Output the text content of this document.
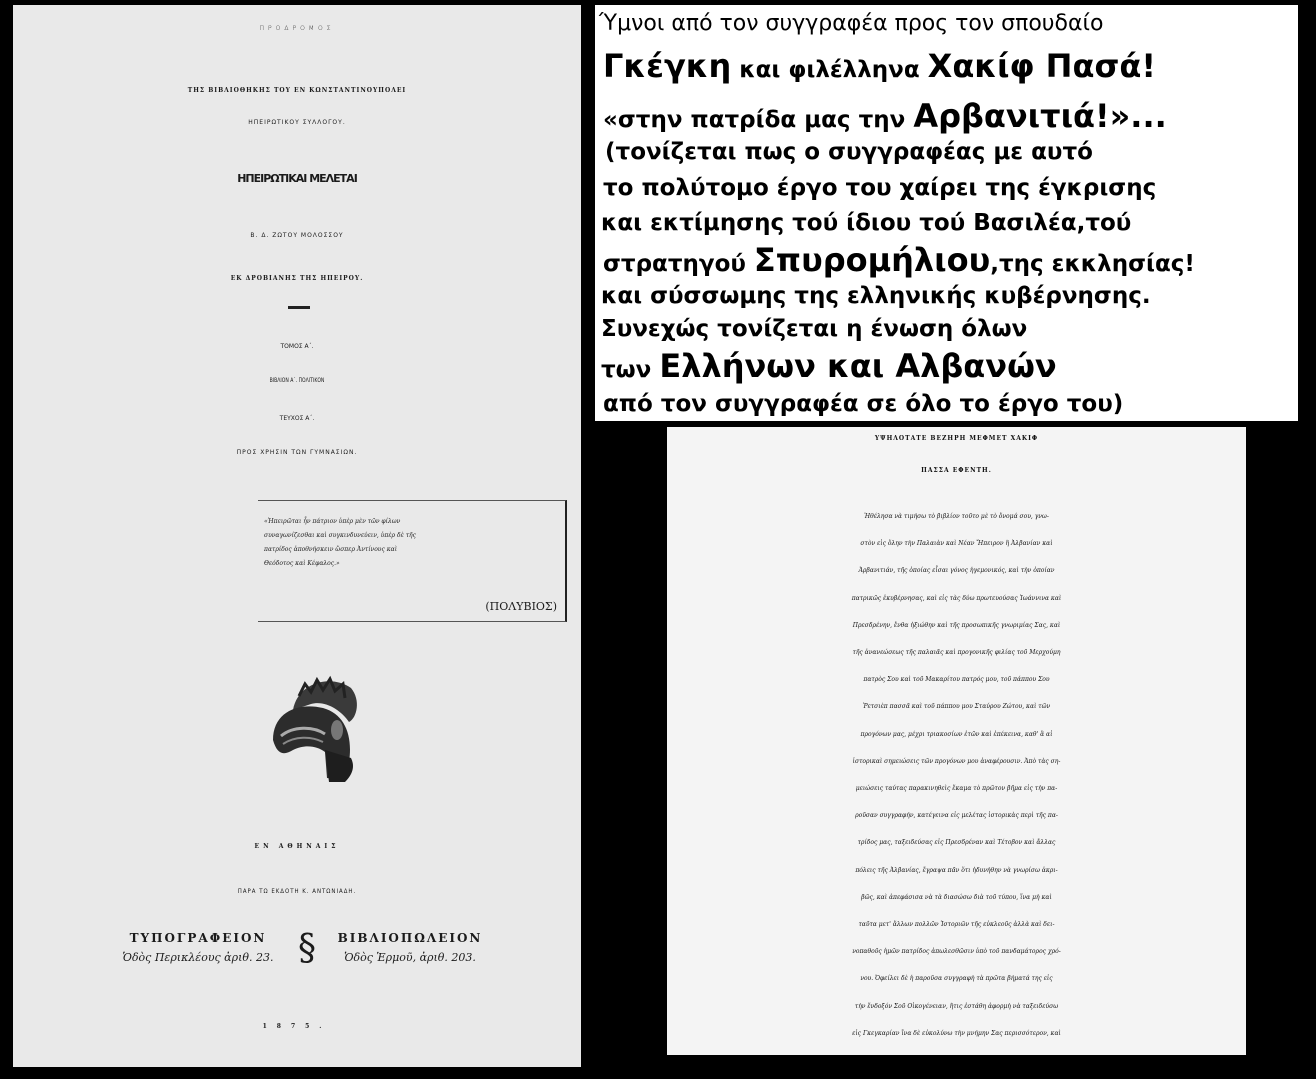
ΠΡΟΔΡΟΜΟΣ
ΤΗΣ ΒΙΒΛΙΟΘΗΚΗΣ ΤΟΥ ΕΝ ΚΩΝΣΤΑΝΤΙΝΟΥΠΟΛΕΙ
ΗΠΕΙΡΩΤΙΚΟΥ ΣΥΛΛΟΓΟΥ.
ΗΠΕΙΡΩΤΙΚΑΙ ΜΕΛΕΤΑΙ
Β. Δ. ΖΩΤΟΥ ΜΟΛΟΣΣΟΥ
ΕΚ ΔΡΟΒΙΑΝΗΣ ΤΗΣ ΗΠΕΙΡΟΥ.
ΤΟΜΟΣ Α΄.
ΒΙΒΛΙΟΝ Α΄. ΠΟΛΙΤΙΚΟΝ
ΤΕΥΧΟΣ Α΄.
ΠΡΟΣ ΧΡΗΣΙΝ ΤΩΝ ΓΥΜΝΑΣΙΩΝ.
«Ἠπειρῶται ἦν πάτριον ὑπὲρ μὲν τῶν φίλων
συναγωνίζεσθαι καὶ συγκινδυνεύειν, ὑπὲρ δὲ τῆς
πατρίδος ἀποθνήσκειν ὥσπερ Ἀντίνους καὶ
Θεόδοτος καὶ Κέφαλος.»
(ΠΟΛΥΒΙΟΣ)
ΕΝ ΑΘΗΝΑΙΣ
ΠΑΡΑ ΤΩ ΕΚΔΟΤΗ Κ. ΑΝΤΩΝΙΑΔΗ.
ΤΥΠΟΓΡΑΦΕΙΟΝ
Ὁδὸς Περικλέους ἀριθ. 23. §	ΒΙΒΛΙΟΠΩΛΕΙΟΝ
Ὁδὸς Ἑρμοῦ, ἀριθ. 203.
1875.
Ύμνοι από τον συγγραφέα προς τον σπουδαίο
Γκέγκη και φιλέλληνα Χακίφ Πασά!
«στην πατρίδα μας την Αρβανιτιά!»...
(τονίζεται πως ο συγγραφέας με αυτό
το πολύτομο έργο του χαίρει της έγκρισης
και εκτίμησης τού ίδιου τού Βασιλέα,τού
στρατηγού Σπυρομήλιου,της εκκλησίας!
και σύσσωμης της ελληνικής κυβέρνησης.
Συνεχώς τονίζεται η ένωση όλων
των Ελλήνων και Αλβανών
από τον συγγραφέα σε όλο το έργο του)
ΥΨΗΛΟΤΑΤΕ ΒΕΖΗΡΗ ΜΕΦΜΕΤ ΧΑΚΙΦ
ΠΑΣΣΑ ΕΦΕΝΤΗ.
Ἠθέλησα νὰ τιμήσω τὸ βιβλίον τοῦτο μὲ τὸ ὄνομά σου, γνω-
στὸν εἰς ὅλην τὴν Παλαιὰν καὶ Νέαν Ἤπειρον ἢ Ἀλβανίαν καὶ
Ἀρβανιτιάν, τῆς ὁποίας εἶσαι γόνος ἡγεμονικός, καὶ τὴν ὁποίαν
πατρικῶς ἐκυβέρνησας, καὶ εἰς τὰς δύω πρωτευούσας Ἰωάννινα καὶ
Πρεσδρένην, ἔνθα ἠξιώθην καὶ τῆς προσωπικῆς γνωριμίας Σας, καὶ
τῆς ἀνανεώσεως τῆς παλαιᾶς καὶ προγονικῆς φιλίας τοῦ Μερχούμη
πατρὸς Σου καὶ τοῦ Μακαρίτου πατρός μου, τοῦ πάππου Σου
Ῥετσιὲπ πασσᾶ καὶ τοῦ πάππου μου Σταύρου Ζώτου, καὶ τῶν
προγόνων μας, μέχρι τριακοσίων ἐτῶν καὶ ἐπέκεινα, καθ' ἃ αἱ
ἱστορικαὶ σημειώσεις τῶν προγόνων μου ἀναφέρουσιν. Ἀπὸ τὰς ση-
μειώσεις ταύτας παρακινηθεὶς ἔκαμα τὸ πρῶτον βῆμα εἰς τὴν πα-
ροῦσαν συγγραφήν, κατέγεινα εἰς μελέτας ἱστορικὰς περὶ τῆς πα-
τρίδος μας, ταξειδεύσας εἰς Πρεσδρέναν καὶ Τέτοβον καὶ ἄλλας
πόλεις τῆς Ἀλβανίας, ἔγραψα πᾶν ὅτι ἠδυνήθην νὰ γνωρίσω ἀκρι-
βῶς, καὶ ἀπεφάσισα νὰ τὰ διασώσω διὰ τοῦ τύπου, ἵνα μὴ καὶ
ταῦτα μετ' ἄλλων πολλῶν Ἱστοριῶν τῆς εὐκλεοῦς ἀλλὰ καὶ δει-
νοπαθοῦς ἡμῶν πατρίδος ἀπωλεσθῶσιν ὑπὸ τοῦ πανδαμάτορος χρό-
νου. Ὀφείλει δὲ ἡ παροῦσα συγγραφὴ τὰ πρῶτα βήματά της εἰς
τὴν ἔνδοξόν Σοῦ Οἰκογένειαν, ἥτις ἐστάθη ἀφορμὴ νὰ ταξειδεύσω
εἰς Γκεγκαρίαν ἵνα δὲ εὐκολύνω τὴν μνήμην Σας περισσότερον, καὶ
